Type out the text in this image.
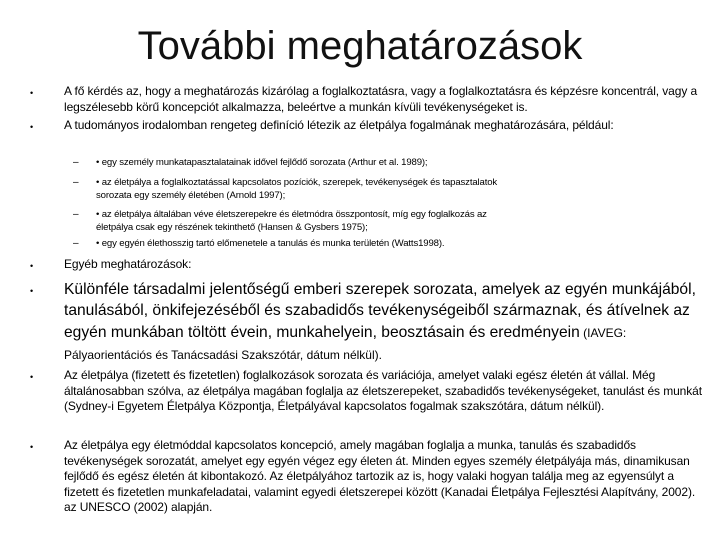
További meghatározások
•	A fő kérdés az, hogy a meghatározás kizárólag a foglalkoztatásra, vagy a foglalkoztatásra és képzésre koncentrál, vagy a legszélesebb körű koncepciót alkalmazza, beleértve a munkán kívüli tevékenységeket is.
•	A tudományos irodalomban rengeteg definíció létezik az életpálya fogalmának meghatározására, például:
– • egy személy munkatapasztalatainak idővel fejlődő sorozata (Arthur et al. 1989);
– • az életpálya a foglalkoztatással kapcsolatos pozíciók, szerepek, tevékenységek és tapasztalatok sorozata egy személy életében (Arnold 1997);
– • az életpálya általában véve életszerepekre és életmódra összpontosít, míg egy foglalkozás az életpálya csak egy részének tekinthető (Hansen & Gysbers 1975);
– • egy egyén élethosszig tartó előmenetele a tanulás és munka területén (Watts1998).
•	Egyéb meghatározások:
• Különféle társadalmi jelentőségű emberi szerepek sorozata, amelyek az egyén munkájából, tanulásából, önkifejezéséből és szabadidős tevékenységeiből származnak, és átívelnek az egyén munkában töltött évein, munkahelyein, beosztásain és eredményein (IAVEG: Pályaorientációs és Tanácsadási Szakszótár, dátum nélkül).
•	Az életpálya (fizetett és fizetetlen) foglalkozások sorozata és variációja, amelyet valaki egész életén át vállal. Még általánosabban szólva, az életpálya magában foglalja az életszerepeket, szabadidős tevékenységeket, tanulást és munkát (Sydney-i Egyetem Életpálya Központja, Életpályával kapcsolatos fogalmak szakszótára, dátum nélkül).
•	Az életpálya egy életmóddal kapcsolatos koncepció, amely magában foglalja a munka, tanulás és szabadidős tevékenységek sorozatát, amelyet egy egyén végez egy életen át. Minden egyes személy életpályája más, dinamikusan fejlődő és egész életén át kibontakozó. Az életpályához tartozik az is, hogy valaki hogyan találja meg az egyensúlyt a fizetett és fizetetlen munkafeladatai, valamint egyedi életszerepei között (Kanadai Életpálya Fejlesztési Alapítvány, 2002). az UNESCO (2002) alapján.
